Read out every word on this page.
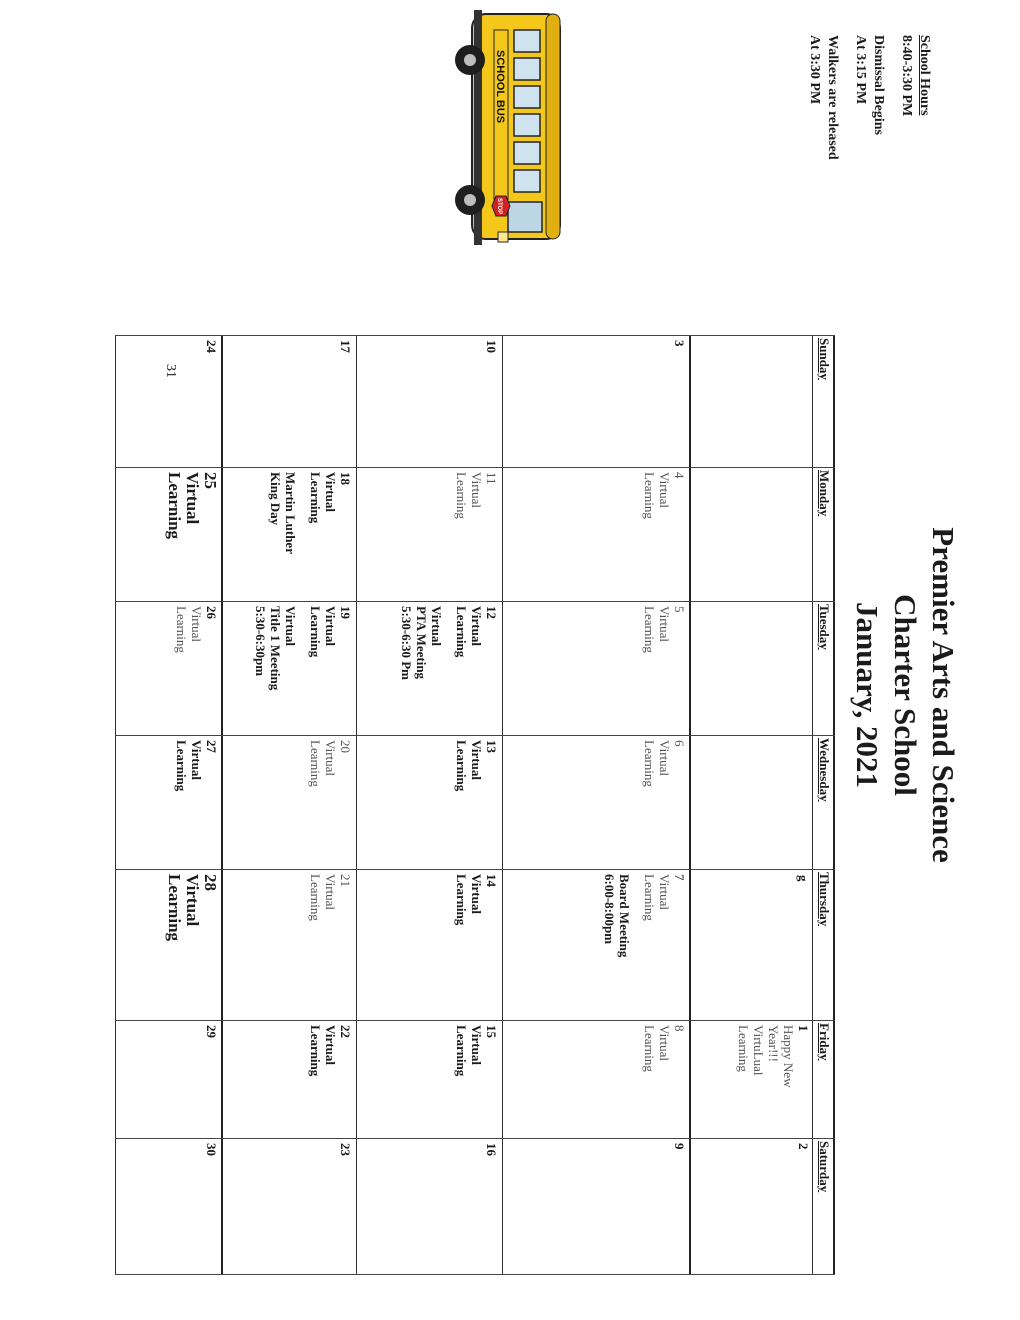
School Hours
8:40-3:30 PM
Dismissal Begins
At 3:15 PM
Walkers are released
At 3:30 PM
SCHOOL BUS
STOP
Premier Arts and Science
Charter School
January, 2021
Sunday
Monday
Tuesday
Wednesday
Thursday
Friday
Saturday
g
1
Happy New
Year!!!
VirtuLual
Learning
2
3
4
Virtual
Learning
5
Virtual
Learning
6
Virtual
Learning
7
Virtual
Learning
Board Meeting
6:00-8:00pm
8
Virtual
Learning
9
10
11
Virtual
Learning
12
Virtual
Learning
Virtual
PTA Meeting
5:30-6:30 Pm
13
Virtual
Learning
14
Virtual
Learning
15
Virtual
Learning
16
17
18
Virtual
Learning
Martin Luther
King Day
19
Virtual
Learning
Virtual
Title 1 Meeting
5:30-6:30pm
20
Virtual
Learning
21
Virtual
Learning
22
Virtual
Learning
23
24
31
25
Virtual
Learning
26
Virtual
Learning
27
Virtual
Learning
28
Virtual
Learning
29
30
